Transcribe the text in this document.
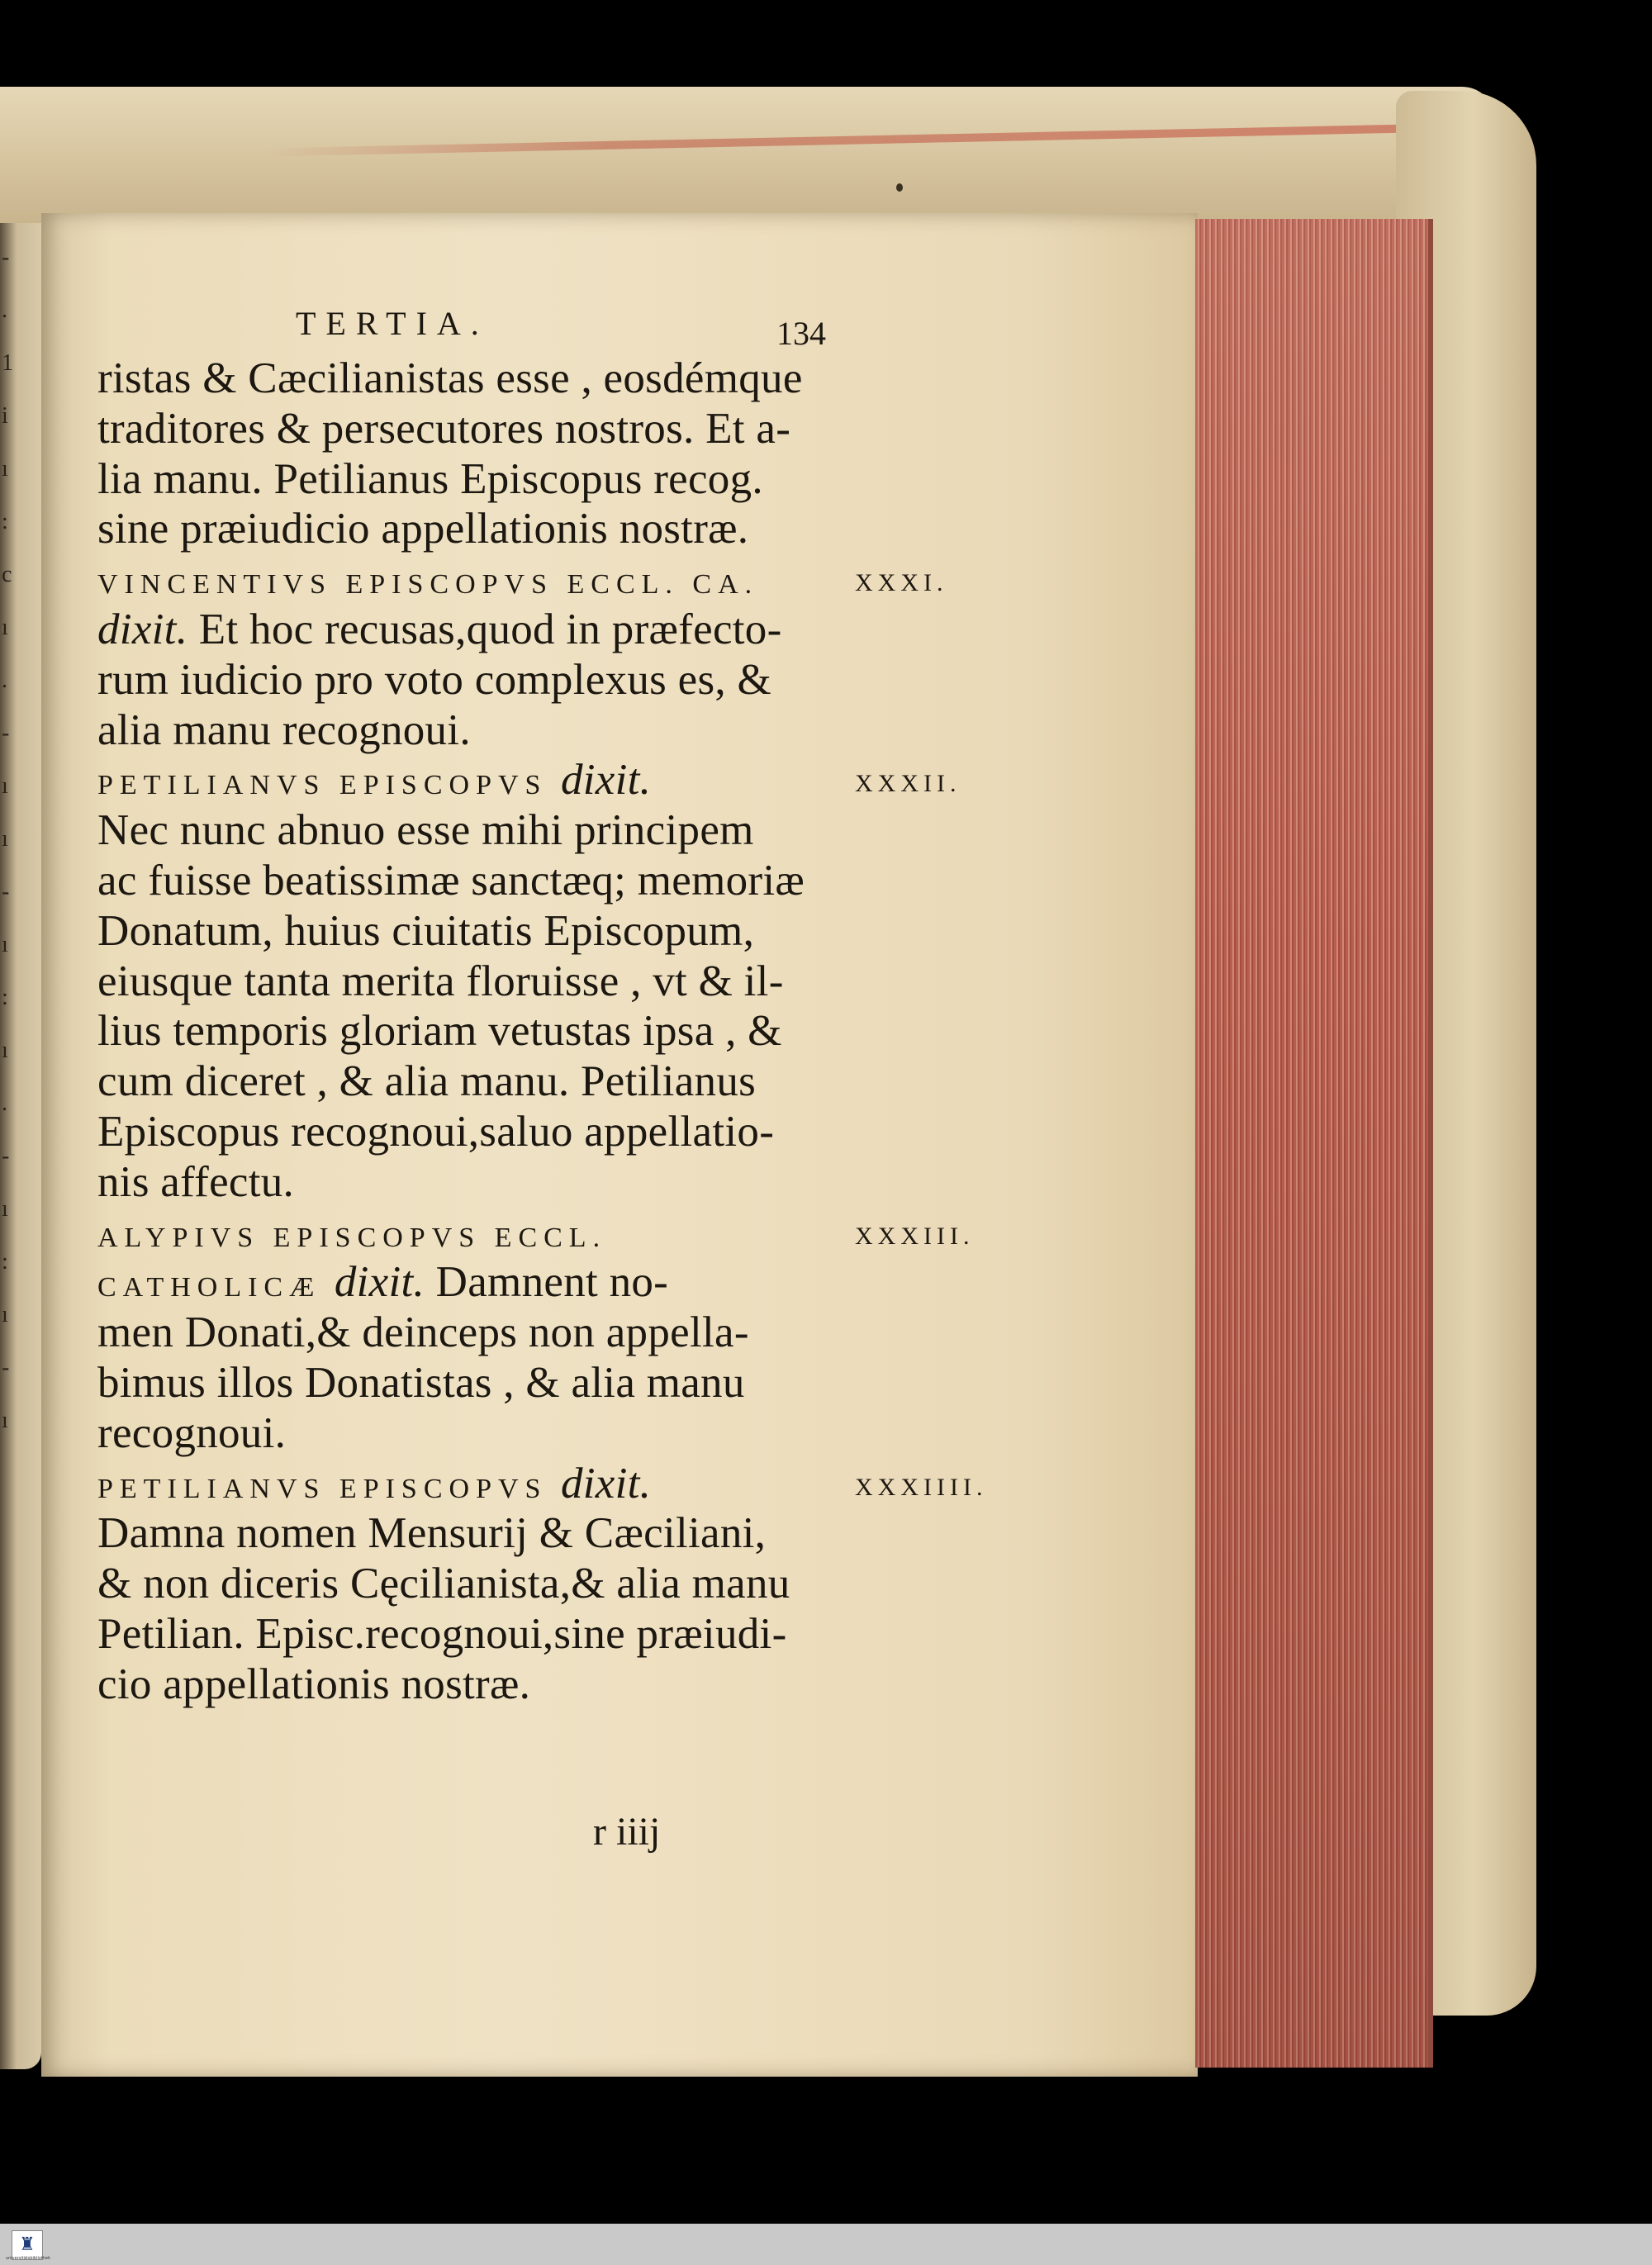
-
.
1
i
ı
:
c
ı
.
-
ı
ı
-
ı
:
ı
.
-
ı
:
ı
-
ı
TERTIA.	134
ristas & Cæcilianistas esse , eosdémque
traditores & persecutores nostros. Et a-
lia manu. Petilianus Episcopus recog.
sine præiudicio appellationis nostræ.
VINCENTIVS EPISCOPVS ECCL. CA.
dixit. Et hoc recusas,quod in præfecto-
rum iudicio pro voto complexus es, &
alia manu recognoui.
PETILIANVS EPISCOPVS dixit.
Nec nunc abnuo esse mihi principem
ac fuisse beatissimæ sanctæq; memoriæ
Donatum, huius ciuitatis Episcopum,
eiusque tanta merita floruisse , vt & il-
lius temporis gloriam vetustas ipsa , &
cum diceret , & alia manu. Petilianus
Episcopus recognoui,saluo appellatio-
nis affectu.
ALYPIVS EPISCOPVS ECCL.
CATHOLICÆ dixit. Damnent no-
men Donati,& deinceps non appella-
bimus illos Donatistas , & alia manu
recognoui.
PETILIANVS EPISCOPVS dixit.
Damna nomen Mensurij & Cæciliani,
& non diceris Cęcilianista,& alia manu
Petilian. Episc.recognoui,sine præiudi-
cio appellationis nostræ.
XXXI.
XXXII.
XXXIII.
XXXIIII.
r iiij
♜
universitätsbibliothek
